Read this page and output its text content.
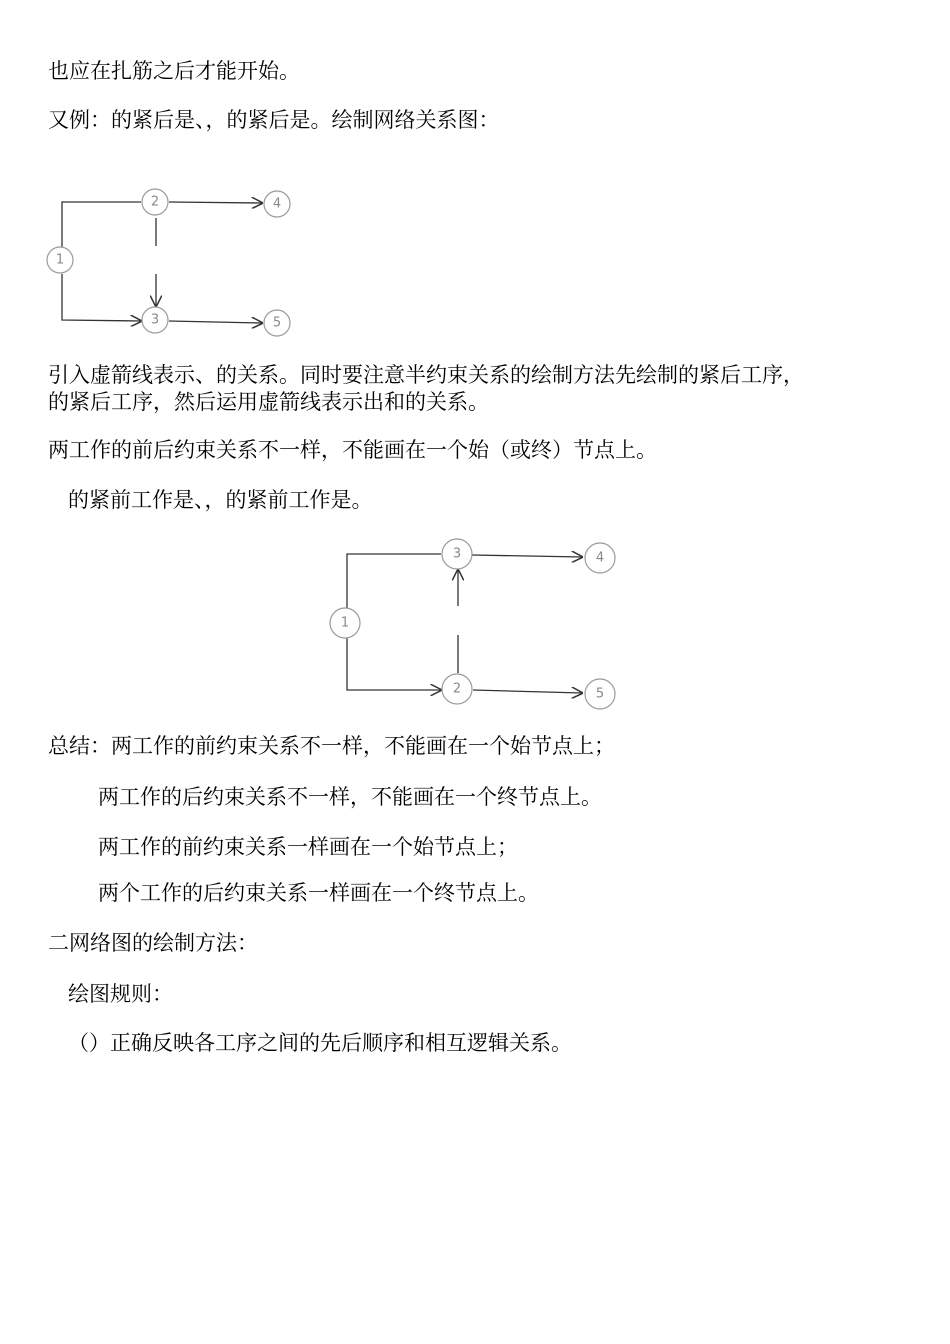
也应在扎筋之后才能开始。

又例：的紧后是、，的紧后是。绘制网络关系图：

1
2
3
4
5

引入虚箭线表示、的关系。同时要注意半约束关系的绘制方法先绘制的紧后工序，

的紧后工序，然后运用虚箭线表示出和的关系。

两工作的前后约束关系不一样，不能画在一个始（或终）节点上。

的紧前工作是、，的紧前工作是。

1
3
2
4
5

总结：两工作的前约束关系不一样，不能画在一个始节点上；

两工作的后约束关系不一样，不能画在一个终节点上。

两工作的前约束关系一样画在一个始节点上；

两个工作的后约束关系一样画在一个终节点上。

二网络图的绘制方法：

绘图规则：

（）正确反映各工序之间的先后顺序和相互逻辑关系。
